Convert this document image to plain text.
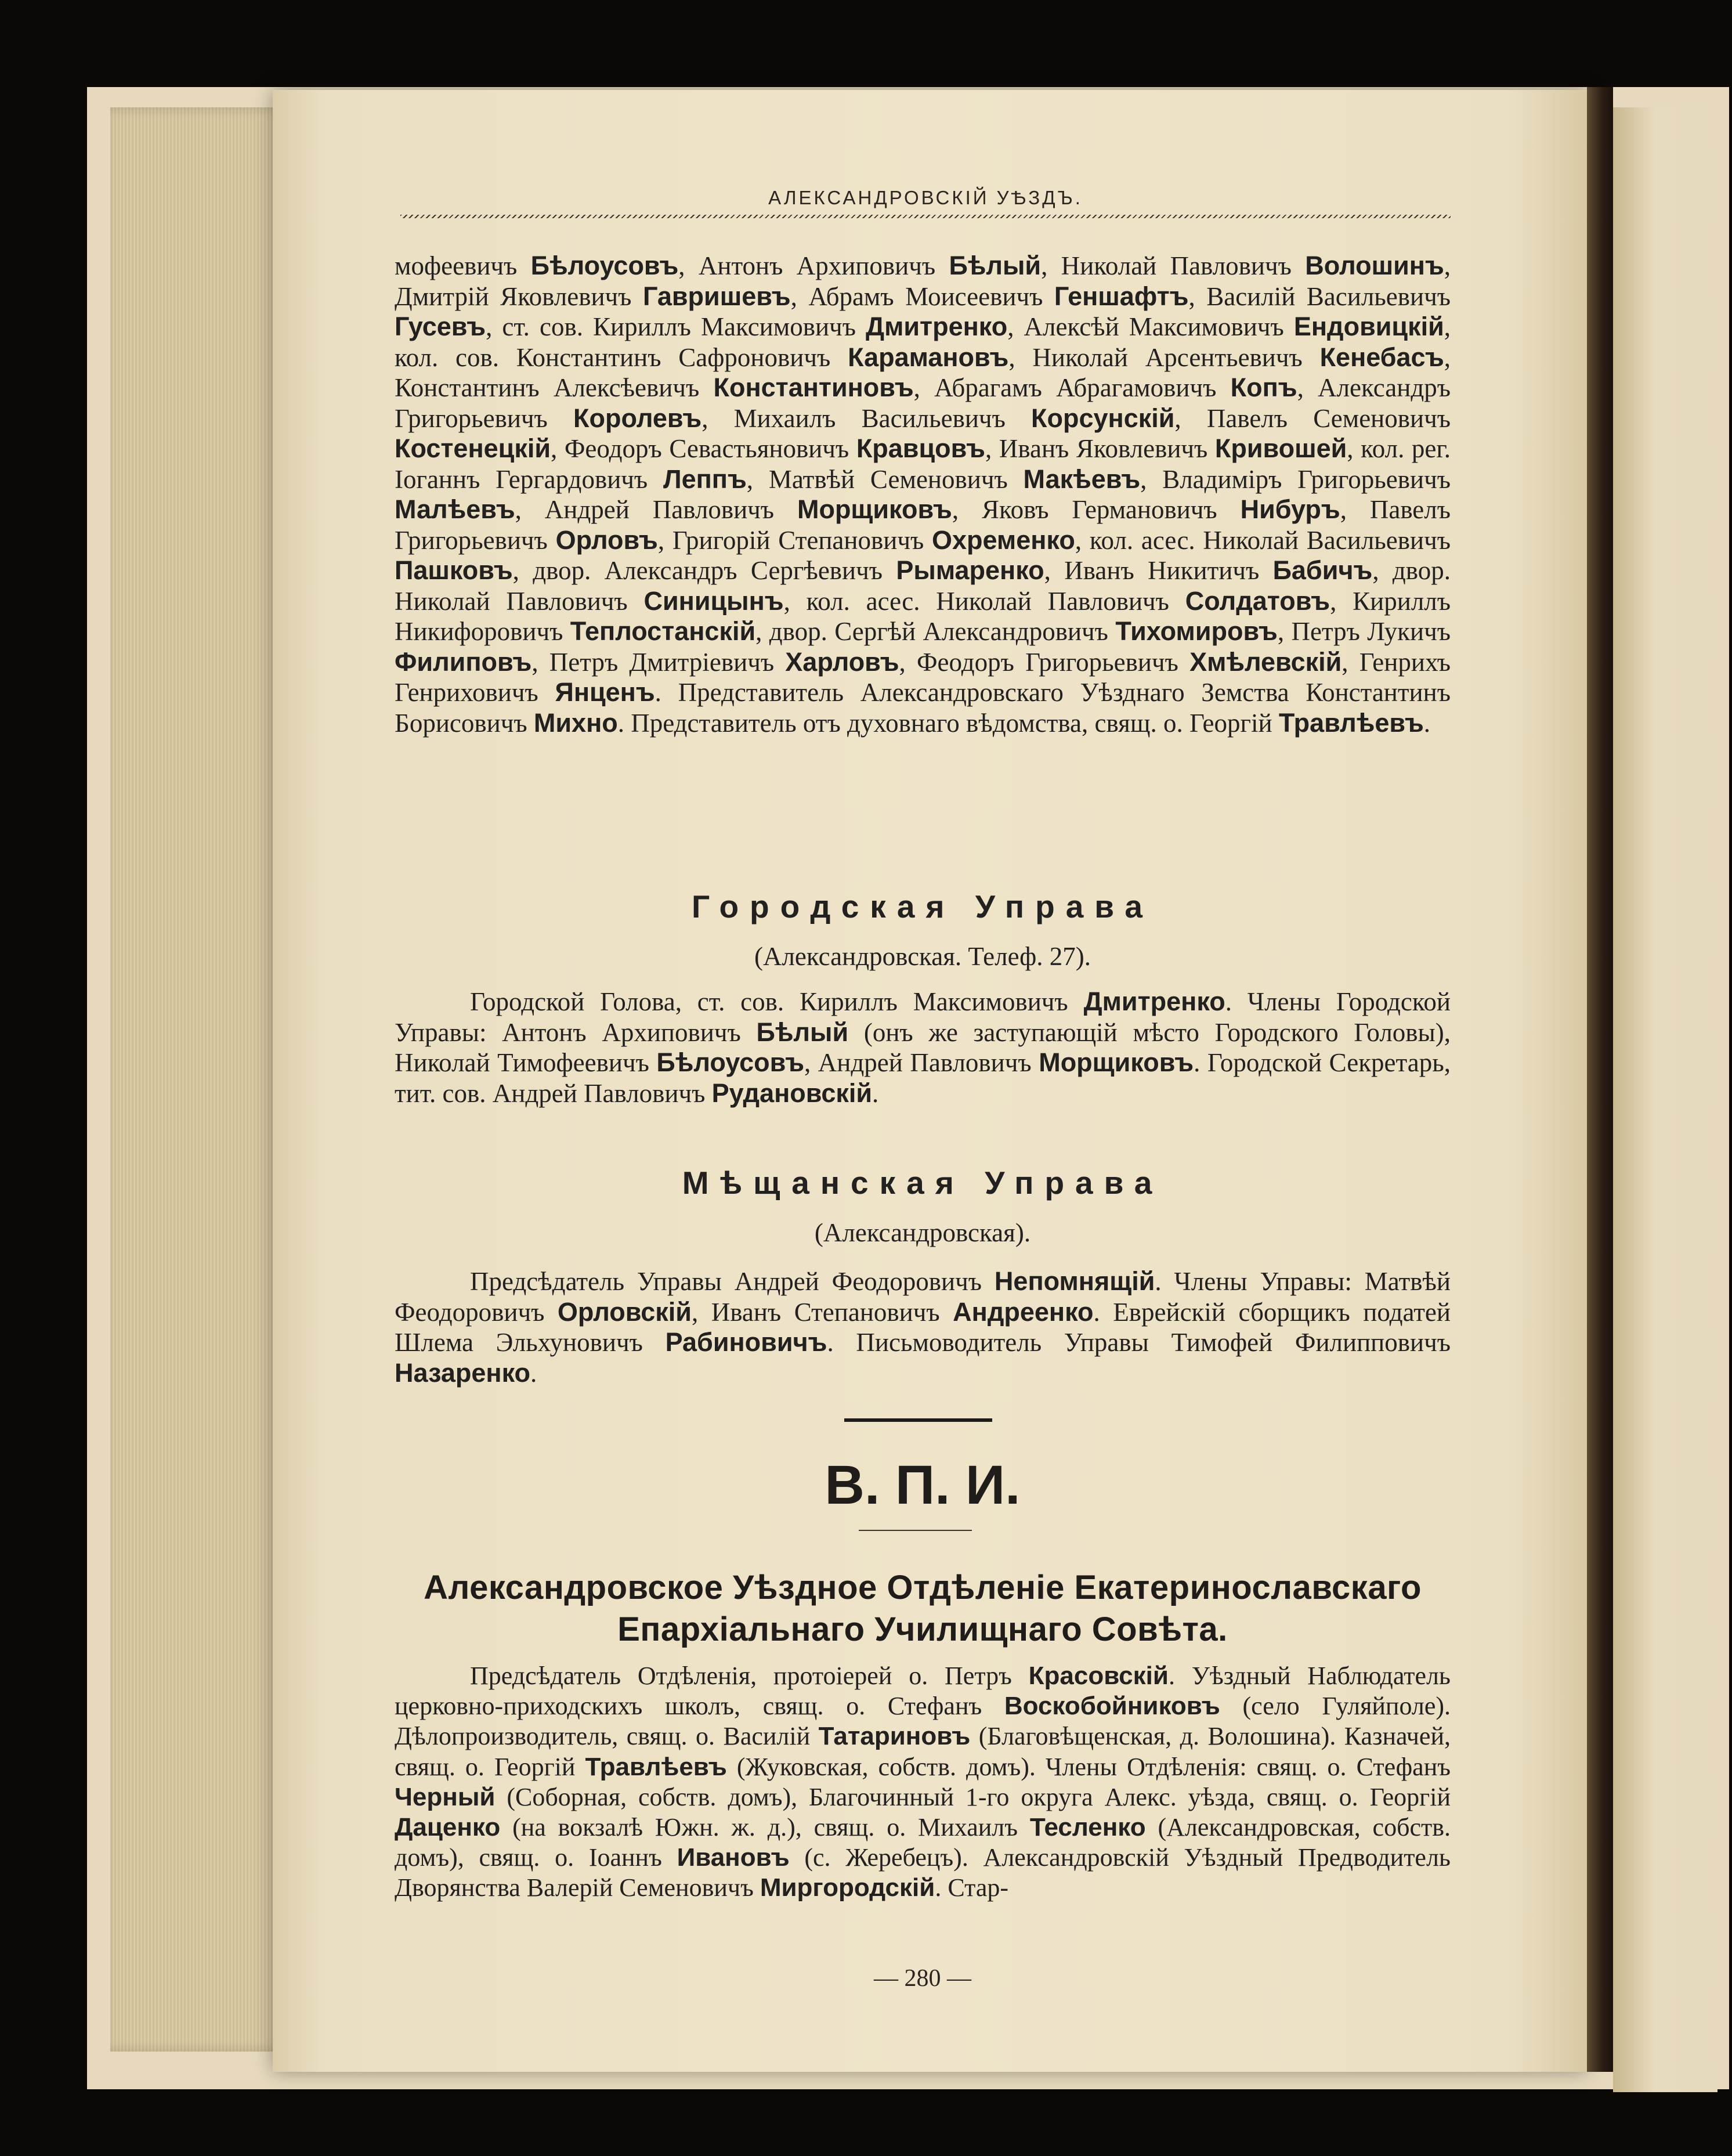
АЛЕКСАНДРОВСКIЙ УѢЗДЪ.
мофеевичъ Бѣлоусовъ, Антонъ Архиповичъ Бѣлый, Николай Павловичъ Волошинъ, Дмитрiй Яковлевичъ Гавришевъ, Абрамъ Моисеевичъ Геншафтъ, Василiй Васильевичъ Гусевъ, ст. сов. Кириллъ Максимовичъ Дмитренко, Алексѣй Максимовичъ Ендовицкiй, кол. сов. Константинъ Сафроновичъ Карамановъ, Николай Арсентьевичъ Кенебасъ, Константинъ Алексѣевичъ Константиновъ, Абрагамъ Абрагамовичъ Копъ, Александръ Григорьевичъ Королевъ, Михаилъ Васильевичъ Корсунскiй, Павелъ Семеновичъ Костенецкiй, Феодоръ Севастьяновичъ Кравцовъ, Иванъ Яковлевичъ Кривошей, кол. рег. Iоганнъ Гергардовичъ Леппъ, Матвѣй Семеновичъ Макѣевъ, Владимiръ Григорьевичъ Малѣевъ, Андрей Павловичъ Морщиковъ, Яковъ Германовичъ Нибуръ, Павелъ Григорьевичъ Орловъ, Григорiй Степановичъ Охременко, кол. асес. Николай Васильевичъ Пашковъ, двор. Александръ Сергѣевичъ Рымаренко, Иванъ Никитичъ Бабичъ, двор. Николай Павловичъ Синицынъ, кол. асес. Николай Павловичъ Солдатовъ, Кириллъ Никифоровичъ Теплостанскiй, двор. Сергѣй Александровичъ Тихомировъ, Петръ Лукичъ Филиповъ, Петръ Дмитрiевичъ Харловъ, Феодоръ Григорьевичъ Хмѣлевскiй, Генрихъ Генриховичъ Янценъ. Представитель Александровскаго Уѣзднаго Земства Константинъ Борисовичъ Михно. Представитель отъ духовнаго вѣдомства, свящ. о. Георгiй Травлѣевъ.
Городская Управа
(Александровская. Телеф. 27).
Городской Голова, ст. сов. Кириллъ Максимовичъ Дмитренко. Члены Городской Управы: Антонъ Архиповичъ Бѣлый (онъ же заступающiй мѣсто Городского Головы), Николай Тимофеевичъ Бѣлоусовъ, Андрей Павловичъ Морщиковъ. Городской Секретарь, тит. сов. Андрей Павловичъ Рудановскiй.
Мѣщанская Управа
(Александровская).
Предсѣдатель Управы Андрей Феодоровичъ Непомнящiй. Члены Управы: Матвѣй Феодоровичъ Орловскiй, Иванъ Степановичъ Андреенко. Еврейскiй сборщикъ податей Шлема Эльхуновичъ Рабиновичъ. Письмоводитель Управы Тимофей Филипповичъ Назаренко.
В. П. И.
Александровское Уѣздное Отдѣленiе Екатеринославскаго Епархiальнаго Училищнаго Совѣта.
Предсѣдатель Отдѣленiя, протоiерей о. Петръ Красовскiй. Уѣздный Наблюдатель церковно-приходскихъ школъ, свящ. о. Стефанъ Воскобойниковъ (село Гуляйполе). Дѣлопроизводитель, свящ. о. Василiй Татариновъ (Благовѣщенская, д. Волошина). Казначей, свящ. о. Георгiй Травлѣевъ (Жуковская, собств. домъ). Члены Отдѣленiя: свящ. о. Стефанъ Черный (Соборная, собств. домъ), Благочинный 1-го округа Алекс. уѣзда, свящ. о. Георгiй Даценко (на вокзалѣ Южн. ж. д.), свящ. о. Михаилъ Тесленко (Александровская, собств. домъ), свящ. о. Iоаннъ Ивановъ (с. Жеребецъ). Александровскiй Уѣздный Предводитель Дворянства Валерiй Семеновичъ Миргородскiй. Стар-
— 280 —
